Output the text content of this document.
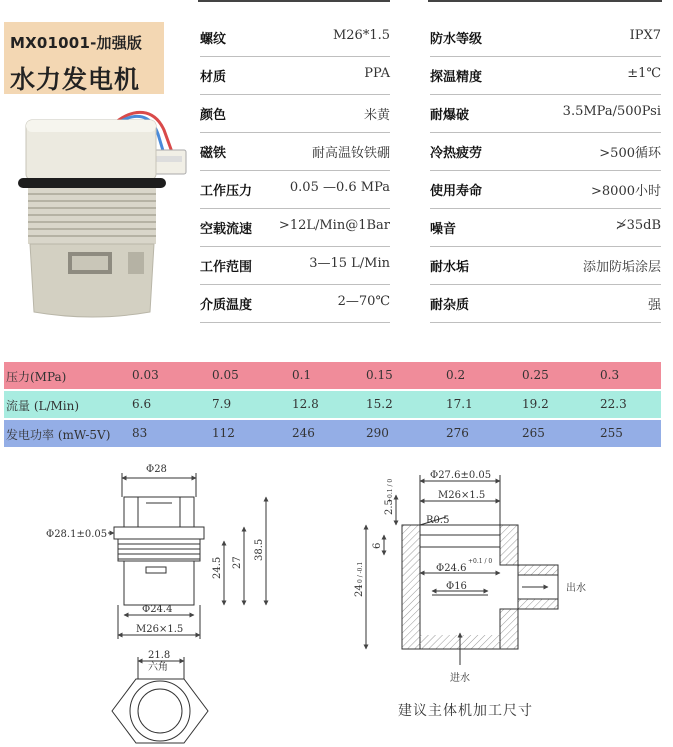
MX01001-加强版
水力发电机
螺纹	M26*1.5
材质	PPA
颜色	米黄
磁铁	耐高温钕铁硼
工作压力	0.05 —0.6 MPa
空载流速 >12L/Min@1Bar
工作范围	3—15 L/Min
介质温度	2—70℃
防水等级	IPX7
探温精度	±1℃
耐爆破	3.5MPa/500Psi
冷热疲劳	>500循环
使用寿命	>8000小时
噪音	≯35dB
耐水垢	添加防垢涂层
耐杂质	强
压力(MPa)	0.03	0.05	0.1	0.15	0.2	0.25	0.3
流量 (L/Min)	6.6	7.9	12.8	15.2	17.1	19.2	22.3
发电功率 (mW-5V) 83	112	246	290	276	265	255
Φ28
Φ28.1±0.05
24.5 27
38.5
Φ24.4
M26×1.5
21.8
六角
Φ27.6±0.05
M26×1.5
2.5
+0.1 / 0
R0.5
6
24
0 / -0.1	Φ24.6
+0.1 / 0
Φ16	出水
进水
建议主体机加工尺寸
